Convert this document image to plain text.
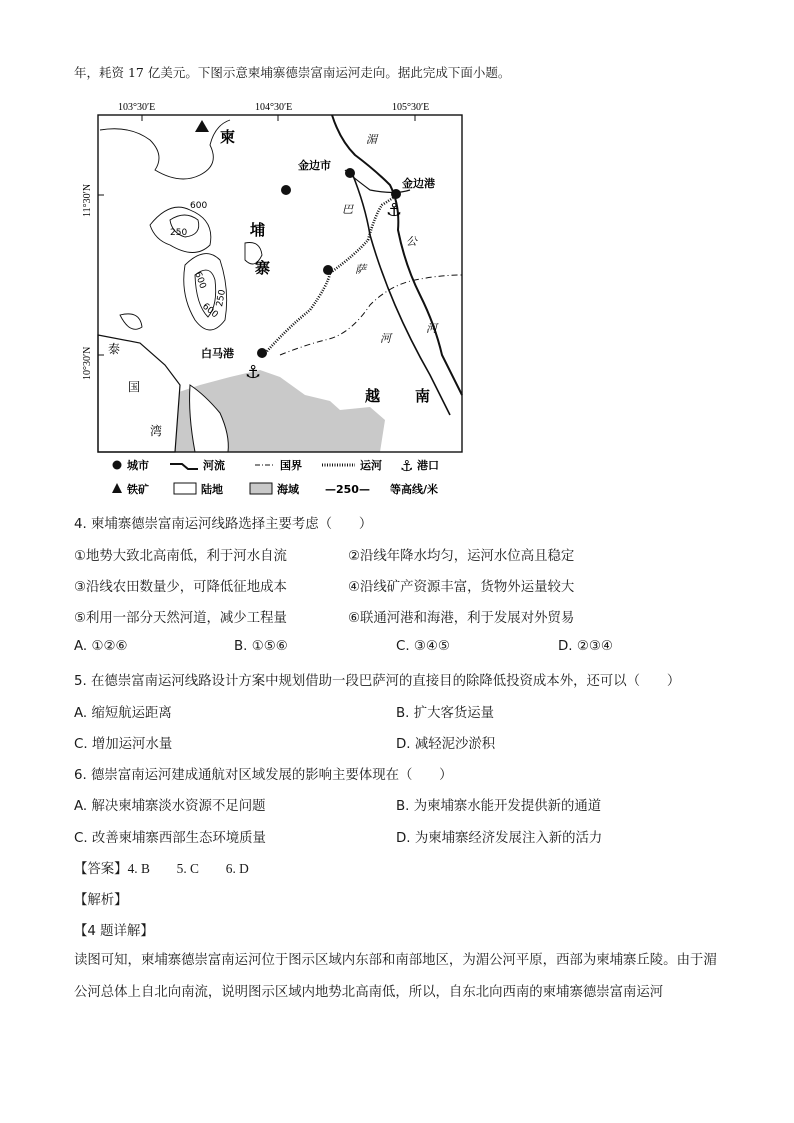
年，耗资 17 亿美元。下图示意柬埔寨德崇富南运河走向。据此完成下面小题。
103°30′E	104°30′E	105°30′E
11°30′N
10°30′N
600
250
600
600
250
金边市
白马港
金边港
⚓
⚓
柬
埔
寨
越 南
泰
国
湾
湄
公
河
巴
萨
河
城市	河流	国界	运河 ⚓ 港口
铁矿	陆地	海域 —250— 等高线/米
4. 柬埔寨德崇富南运河线路选择主要考虑（　　）
①地势大致北高南低，利于河水自流	②沿线年降水均匀，运河水位高且稳定
③沿线农田数量少，可降低征地成本	④沿线矿产资源丰富，货物外运量较大
⑤利用一部分天然河道，减少工程量	⑥联通河港和海港，利于发展对外贸易
A. ①②⑥	B. ①⑤⑥	C. ③④⑤	D. ②③④
5. 在德崇富南运河线路设计方案中规划借助一段巴萨河的直接目的除降低投资成本外，还可以（　　）
A. 缩短航运距离	B. 扩大客货运量
C. 增加运河水量	D. 减轻泥沙淤积
6. 德崇富南运河建成通航对区域发展的影响主要体现在（　　）
A. 解决柬埔寨淡水资源不足问题	B. 为柬埔寨水能开发提供新的通道
C. 改善柬埔寨西部生态环境质量	D. 为柬埔寨经济发展注入新的活力
【答案】4. B　　5. C　　6. D
【解析】
【4 题详解】
读图可知，柬埔寨德崇富南运河位于图示区域内东部和南部地区，为湄公河平原，西部为柬埔寨丘陵。由于湄公河总体上自北向南流，说明图示区域内地势北高南低，所以，自东北向西南的柬埔寨德崇富南运河
